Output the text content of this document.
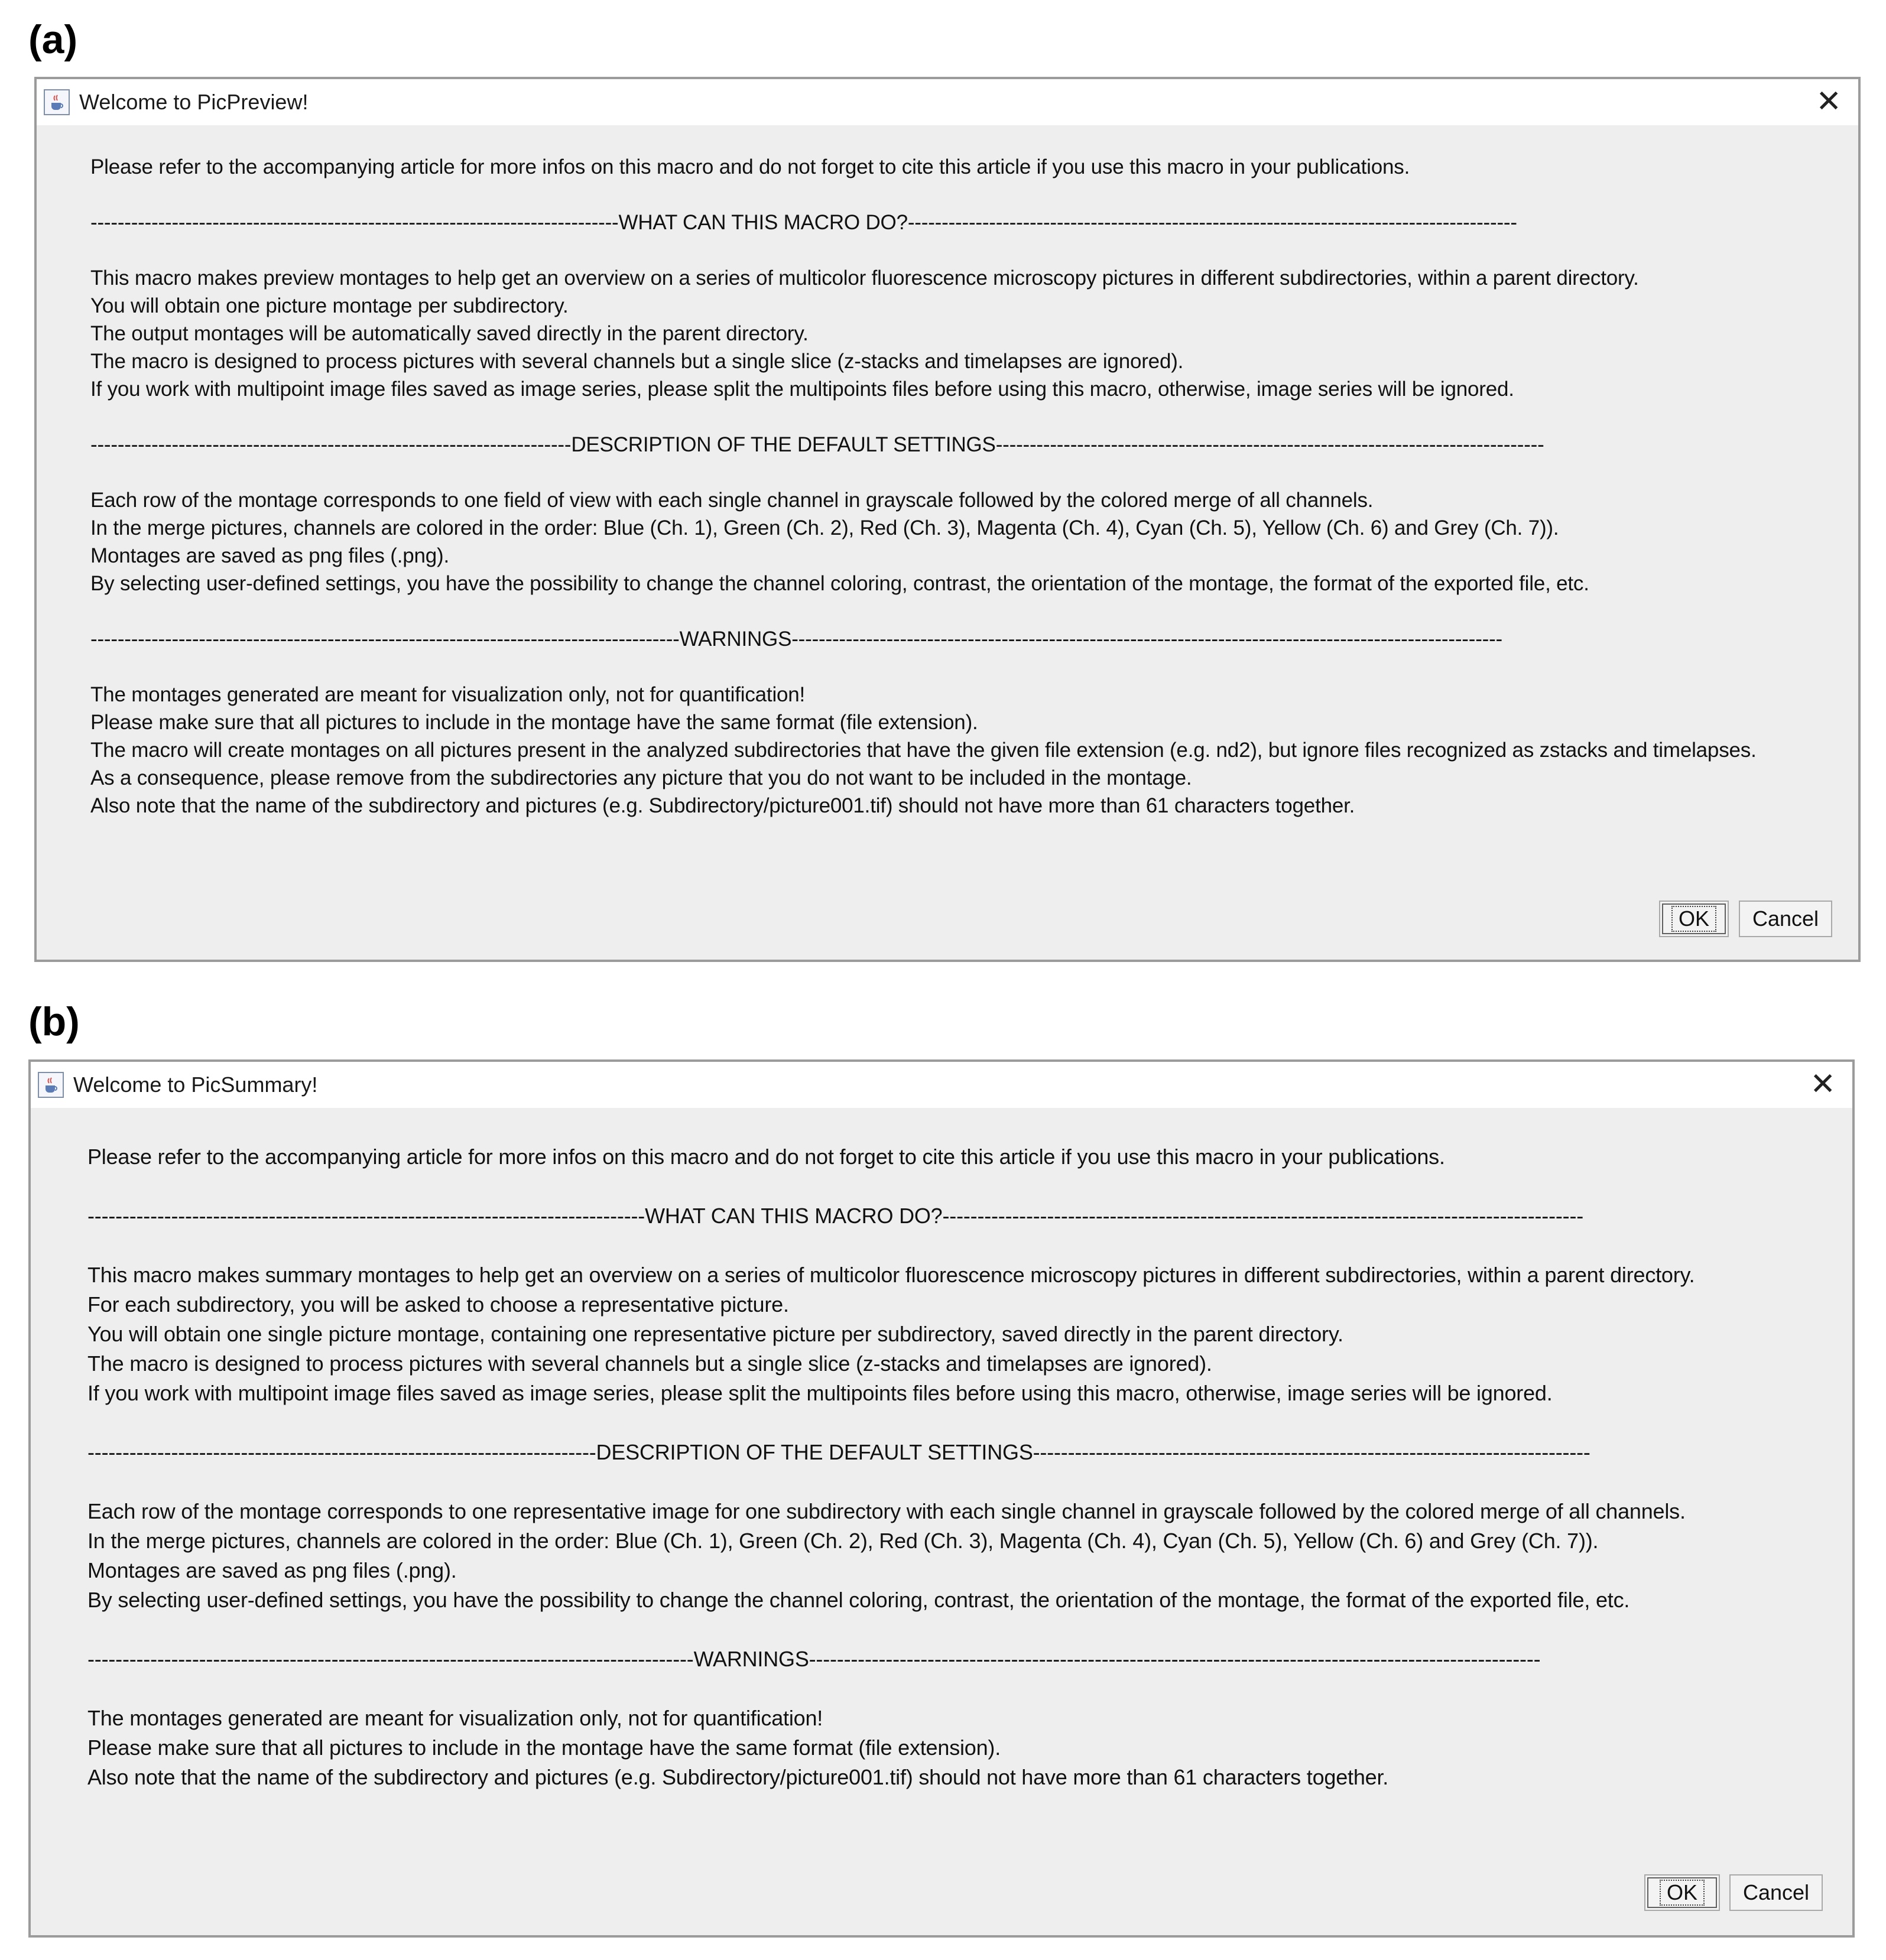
(a)
Welcome to PicPreview!	✕
Please refer to the accompanying article for more infos on this macro and do not forget to cite this article if you use this macro in your publications.
------------------------------------------------------------------------------WHAT CAN THIS MACRO DO?------------------------------------------------------------------------------------------
This macro makes preview montages to help get an overview on a series of multicolor fluorescence microscopy pictures in different subdirectories, within a parent directory.
You will obtain one picture montage per subdirectory.
The output montages will be automatically saved directly in the parent directory.
The macro is designed to process pictures with several channels but a single slice (z-stacks and timelapses are ignored).
If you work with multipoint image files saved as image series, please split the multipoints files before using this macro, otherwise, image series will be ignored.
-----------------------------------------------------------------------DESCRIPTION OF THE DEFAULT SETTINGS---------------------------------------------------------------------------------
Each row of the montage corresponds to one field of view with each single channel in grayscale followed by the colored merge of all channels.
In the merge pictures, channels are colored in the order: Blue (Ch. 1), Green (Ch. 2), Red (Ch. 3), Magenta (Ch. 4), Cyan (Ch. 5), Yellow (Ch. 6) and Grey (Ch. 7)).
Montages are saved as png files (.png).
By selecting user-defined settings, you have the possibility to change the channel coloring, contrast, the orientation of the montage, the format of the exported file, etc.
---------------------------------------------------------------------------------------WARNINGS---------------------------------------------------------------------------------------------------------
The montages generated are meant for visualization only, not for quantification!
Please make sure that all pictures to include in the montage have the same format (file extension).
The macro will create montages on all pictures present in the analyzed subdirectories that have the given file extension (e.g. nd2), but ignore files recognized as zstacks and timelapses.
As a consequence, please remove from the subdirectories any picture that you do not want to be included in the montage.
Also note that the name of the subdirectory and pictures (e.g. Subdirectory/picture001.tif) should not have more than 61 characters together.
OK	Cancel
(b)
Welcome to PicSummary!	✕
Please refer to the accompanying article for more infos on this macro and do not forget to cite this article if you use this macro in your publications.
--------------------------------------------------------------------------------WHAT CAN THIS MACRO DO?--------------------------------------------------------------------------------------------
This macro makes summary montages to help get an overview on a series of multicolor fluorescence microscopy pictures in different subdirectories, within a parent directory.
For each subdirectory, you will be asked to choose a representative picture.
You will obtain one single picture montage, containing one representative picture per subdirectory, saved directly in the parent directory.
The macro is designed to process pictures with several channels but a single slice (z-stacks and timelapses are ignored).
If you work with multipoint image files saved as image series, please split the multipoints files before using this macro, otherwise, image series will be ignored.
-------------------------------------------------------------------------DESCRIPTION OF THE DEFAULT SETTINGS--------------------------------------------------------------------------------
Each row of the montage corresponds to one representative image for one subdirectory with each single channel in grayscale followed by the colored merge of all channels.
In the merge pictures, channels are colored in the order: Blue (Ch. 1), Green (Ch. 2), Red (Ch. 3), Magenta (Ch. 4), Cyan (Ch. 5), Yellow (Ch. 6) and Grey (Ch. 7)).
Montages are saved as png files (.png).
By selecting user-defined settings, you have the possibility to change the channel coloring, contrast, the orientation of the montage, the format of the exported file, etc.
---------------------------------------------------------------------------------------WARNINGS---------------------------------------------------------------------------------------------------------
The montages generated are meant for visualization only, not for quantification!
Please make sure that all pictures to include in the montage have the same format (file extension).
Also note that the name of the subdirectory and pictures (e.g. Subdirectory/picture001.tif) should not have more than 61 characters together.
OK	Cancel
